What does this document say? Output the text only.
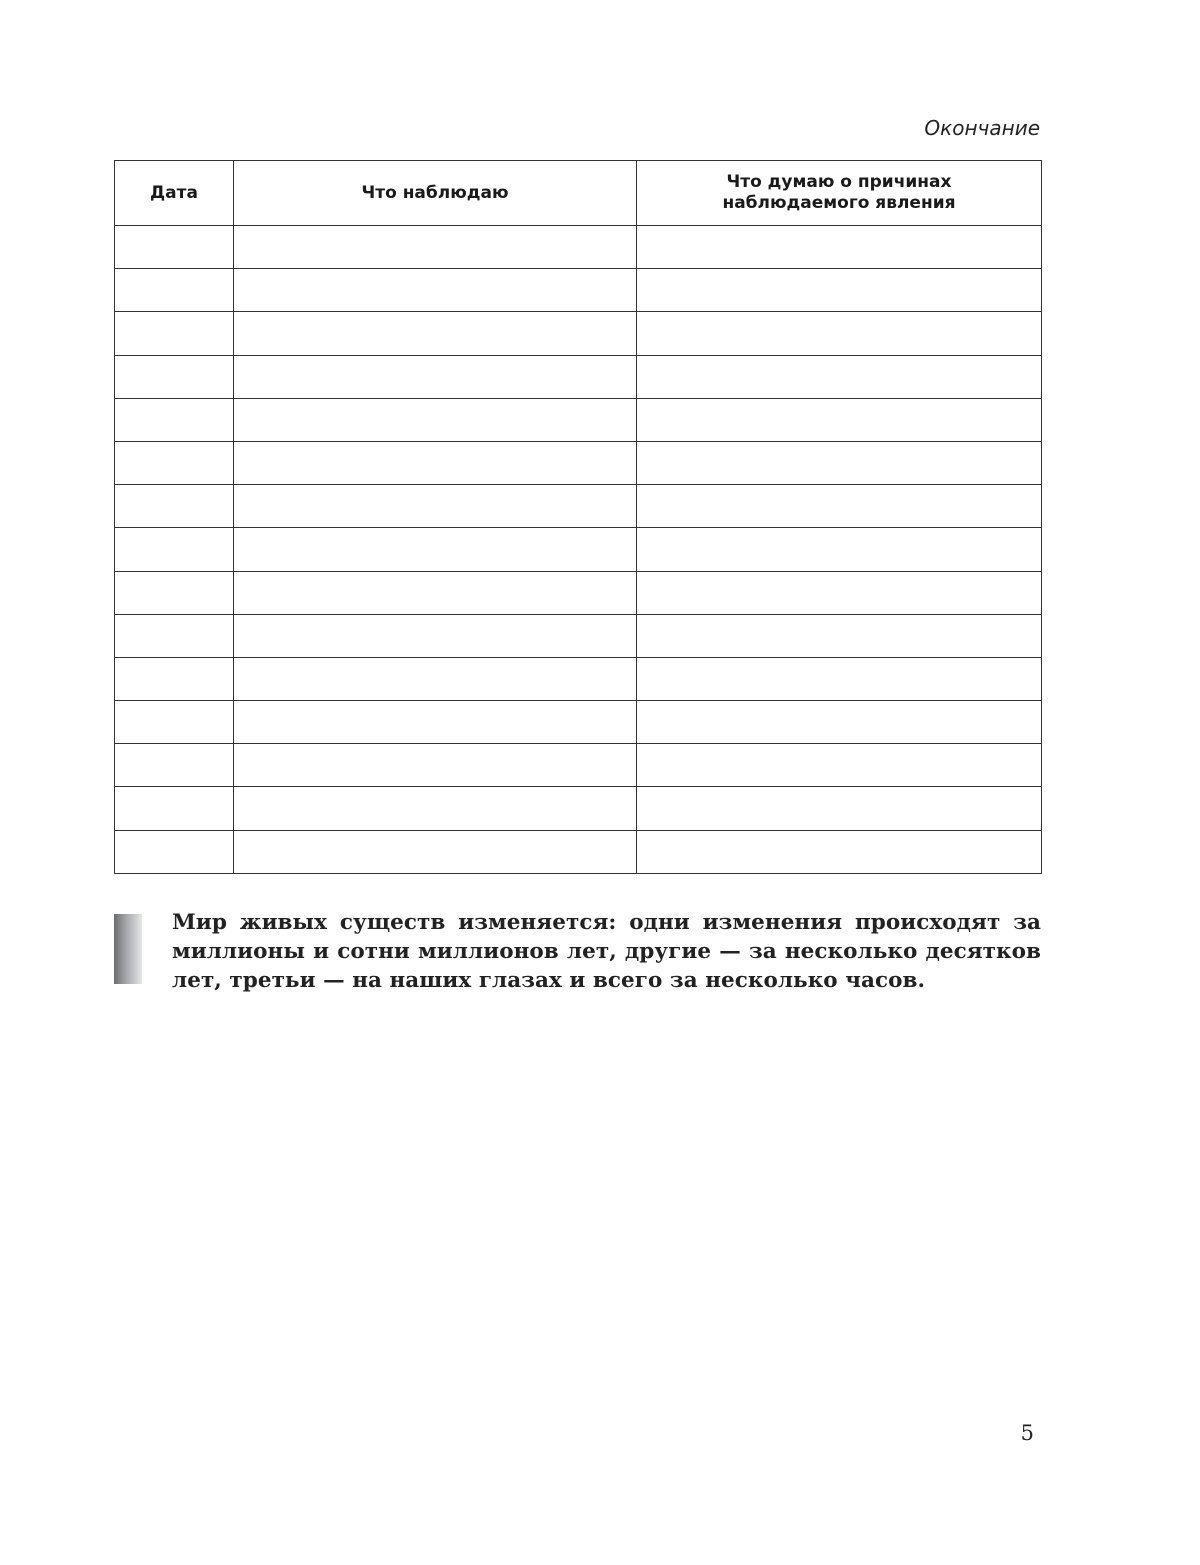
Окончание

Дата	Что наблюдаю	Что думаю о причинах наблюдаемого явления

Мир живых существ изменяется: одни изменения происходят за миллионы и сотни миллионов лет, другие — за несколько десятков лет, третьи — на наших глазах и всего за несколько часов.

5
